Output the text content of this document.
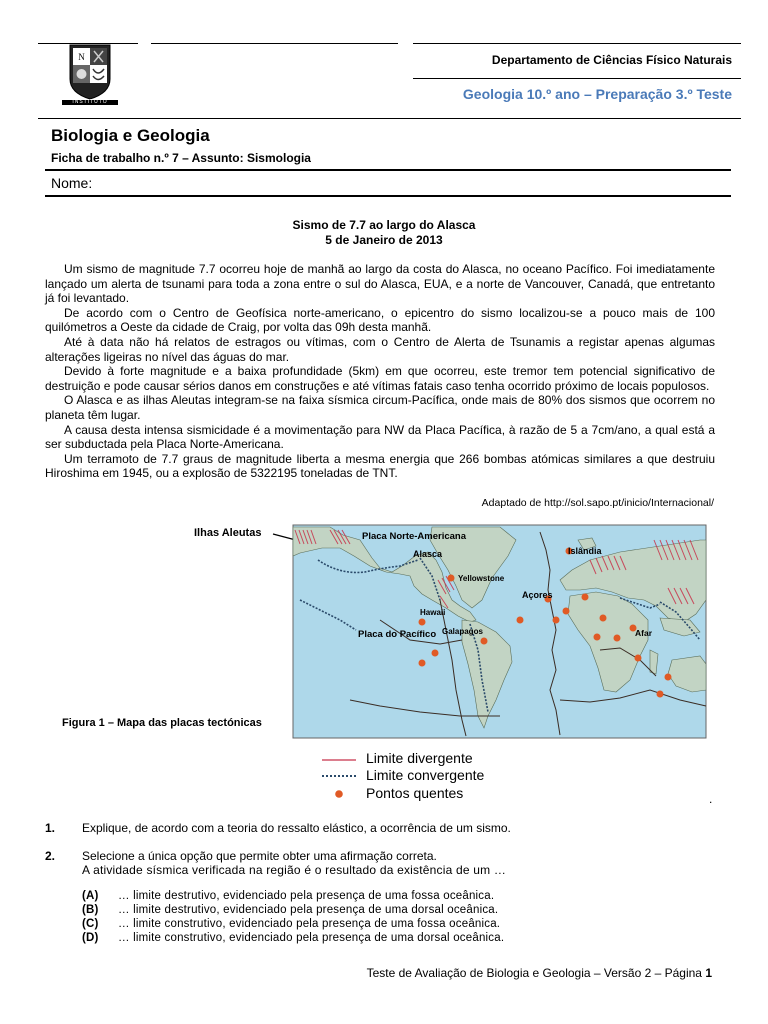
N
INSTITUTO NUN'ALVRES
Departamento de Ciências Físico Naturais
Geologia 10.º ano – Preparação 3.º Teste
Biologia e Geologia
Ficha de trabalho n.º 7 – Assunto: Sismologia
Nome:
Sismo de 7.7 ao largo do Alasca
5 de Janeiro de 2013

Um sismo de magnitude 7.7 ocorreu hoje de manhã ao largo da costa do Alasca, no oceano Pacífico. Foi imediatamente lançado um alerta de tsunami para toda a zona entre o sul do Alasca, EUA, e a norte de Vancouver, Canadá, que entretanto já foi levantado.

De acordo com o Centro de Geofísica norte-americano, o epicentro do sismo localizou-se a pouco mais de 100 quilómetros a Oeste da cidade de Craig, por volta das 09h desta manhã.

Até à data não há relatos de estragos ou vítimas, com o Centro de Alerta de Tsunamis a registar apenas algumas alterações ligeiras no nível das águas do mar.

Devido à forte magnitude e a baixa profundidade (5km) em que ocorreu, este tremor tem potencial significativo de destruição e pode causar sérios danos em construções e até vítimas fatais caso tenha ocorrido próximo de locais populosos.

O Alasca e as ilhas Aleutas integram-se na faixa sísmica circum-Pacífica, onde mais de 80% dos sismos que ocorrem no planeta têm lugar.

A causa desta intensa sismicidade é a movimentação para NW da Placa Pacífica, à razão de 5 a 7cm/ano, a qual está a ser subductada pela Placa Norte-Americana.

Um terramoto de 7.7 graus de magnitude liberta a mesma energia que 266 bombas atómicas similares a que destruiu Hiroshima em 1945, ou a explosão de 5322195 toneladas de TNT.

Adaptado de http://sol.sapo.pt/inicio/Internacional/
Ilhas Aleutas	Placa Norte-Americana
Alasca	Islândia
Yellowstone
Açores
Hawaii
Placa do Pacífico Galapagos	Afar
Limite divergente
Limite convergente
Pontos quentes	.
Figura 1 – Mapa das placas tectónicas
1. Explique, de acordo com a teoria do ressalto elástico, a ocorrência de um sismo.
2. Selecione a única opção que permite obter uma afirmação correta.
A atividade sísmica verificada na região é o resultado da existência de um …
(A) … limite destrutivo, evidenciado pela presença de uma fossa oceânica.
(B) … limite destrutivo, evidenciado pela presença de uma dorsal oceânica.
(C) … limite construtivo, evidenciado pela presença de uma fossa oceânica.
(D) … limite construtivo, evidenciado pela presença de uma dorsal oceânica.
Teste de Avaliação de Biologia e Geologia – Versão 2 – Página 1
